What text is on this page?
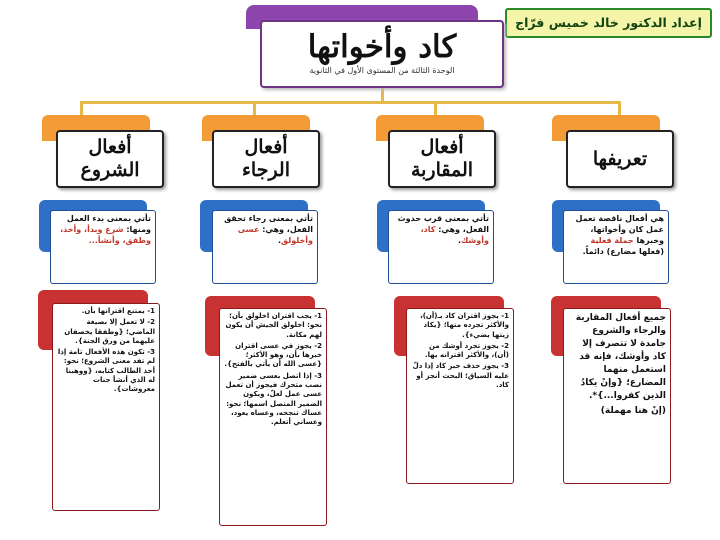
إعداد الدكتور خالد خميس فرّاج
كاد وأخواتها
الوحدة الثالثة من المستوى الأول في الثانوية
تعريفها
هي أفعال ناقصة تعمل عمل كان وأخواتها، وخبرها جملة فعلية (فعلها مضارع) دائماً.
جميع أفعال المقاربة والرجاء والشروع جامدة لا تتصرف إلا كاد وأوشك، فإنه قد استعمل منهما المضارع؛ {وإنْ يكادُ الذين كفروا...}*.
(إنْ هنا مهملة)
أفعال
المقاربة
تأتي بمعنى قرب حدوث الفعل، وهي: كاد، وأوشك.
1- يجوز اقتران كاد بـ(أن)، والأكثر تجرده منها؛ {يكاد زيتها يضيء}.
2- يجوز تجرد أوشك من (أن)، والأكثر اقترانه بها.
3- يجوز حذف خبر كاد إذا دلّ عليه السياق؛ البحث أنجز أو كاد.
أفعال
الرجاء
تأتي بمعنى رجاء تحقق الفعل، وهي: عسى وأخلولق.
1- يجب اقتران اخلولق بأن؛ نحو: اخلولق الجيش أن يكون لهم مكانة.
2- يجوز في عسى اقتران خبرها بأن، وهو الأكثر؛ {عسى الله أن يأتي بالفتح}.
3- إذا اتصل بعسى ضمير نصب متحرك فيجوز أن تعمل عسى عمل لعلّ، ويكون الضمير المتصل اسمها؛ نحو: عساك تنجحه، وعساه يعود، وعساني أتعلم.
أفعال
الشروع
تأتي بمعنى بدء العمل ومنها: شرع وبدأ، وأخذ، وطفق، وأنشأ...
1- يمتنع اقترانها بأن.
2- لا تعمل إلا بصيغة الماضي؛ {وطفقا يخصفان عليهما من ورق الجنة}.
3- تكون هذه الأفعال تامة إذا لم تفد معنى الشروع؛ نحو: أخذ الطالب كتابه، {ووهبنا له الذي أنشأ جنات معروشات}.
